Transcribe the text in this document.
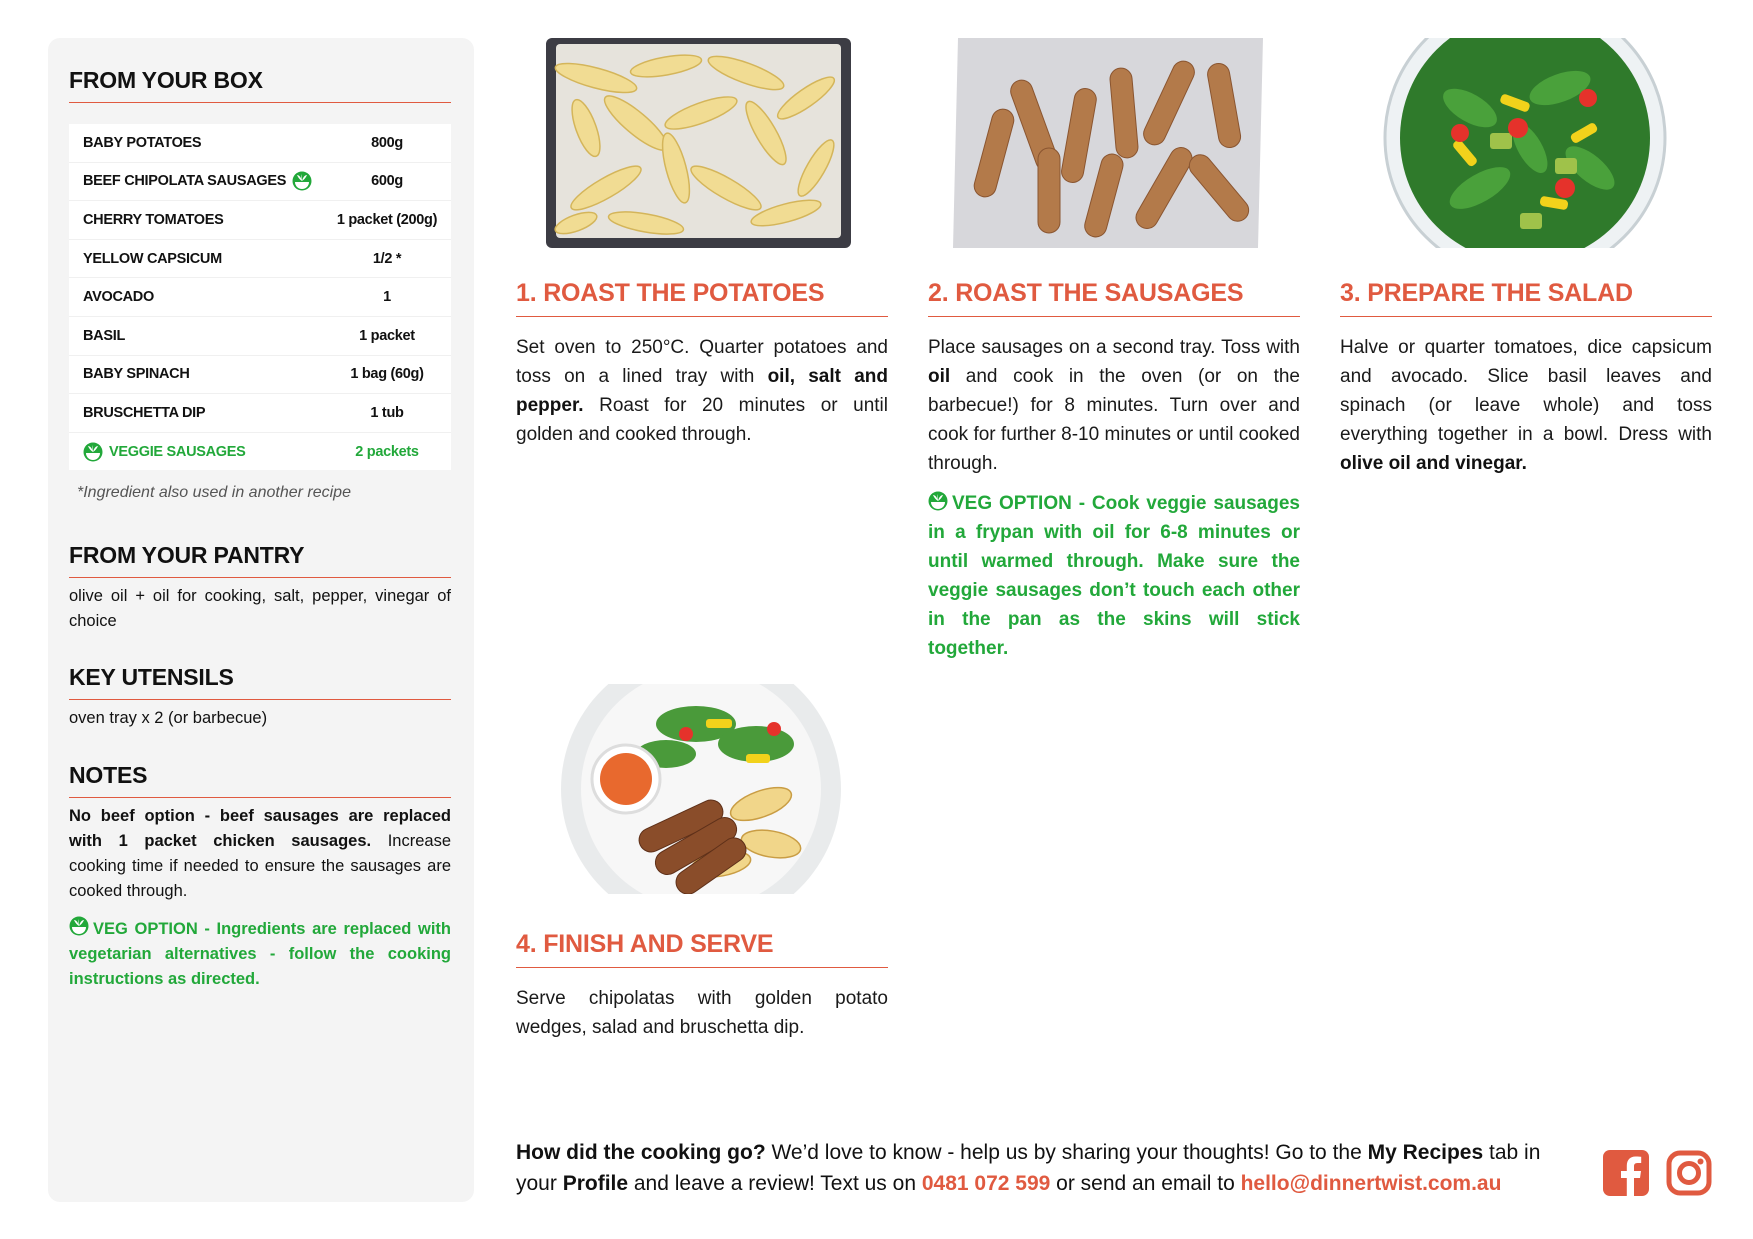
FROM YOUR BOX
BABY POTATOES	800g
BEEF CHIPOLATA SAUSAGES	600g
CHERRY TOMATOES	1 packet (200g)
YELLOW CAPSICUM	1/2 *
AVOCADO	1
BASIL	1 packet
BABY SPINACH	1 bag (60g)
BRUSCHETTA DIP	1 tub
VEGGIE SAUSAGES	2 packets
*Ingredient also used in another recipe
FROM YOUR PANTRY
olive oil + oil for cooking, salt, pepper, vinegar of choice
KEY UTENSILS
oven tray x 2 (or barbecue)
NOTES
No beef option - beef sausages are replaced with 1 packet chicken sausages. Increase cooking time if needed to ensure the sausages are cooked through.
VEG OPTION - Ingredients are replaced with vegetarian alternatives - follow the cooking instructions as directed.
1. ROAST THE POTATOES
Set oven to 250°C. Quarter potatoes and toss on a lined tray with oil, salt and pepper. Roast for 20 minutes or until golden and cooked through.
2. ROAST THE SAUSAGES
Place sausages on a second tray. Toss with oil and cook in the oven (or on the barbecue!) for 8 minutes. Turn over and cook for further 8-10 minutes or until cooked through.
VEG OPTION - Cook veggie sausages in a frypan with oil for 6-8 minutes or until warmed through. Make sure the veggie sausages don’t touch each other in the pan as the skins will stick together.
3. PREPARE THE SALAD
Halve or quarter tomatoes, dice capsicum and avocado. Slice basil leaves and spinach (or leave whole) and toss everything together in a bowl. Dress with olive oil and vinegar.
4. FINISH AND SERVE
Serve chipolatas with golden potato wedges, salad and bruschetta dip.
How did the cooking go? We’d love to know - help us by sharing your thoughts! Go to the My Recipes tab in your Profile and leave a review! Text us on 0481 072 599 or send an email to hello@dinnertwist.com.au
